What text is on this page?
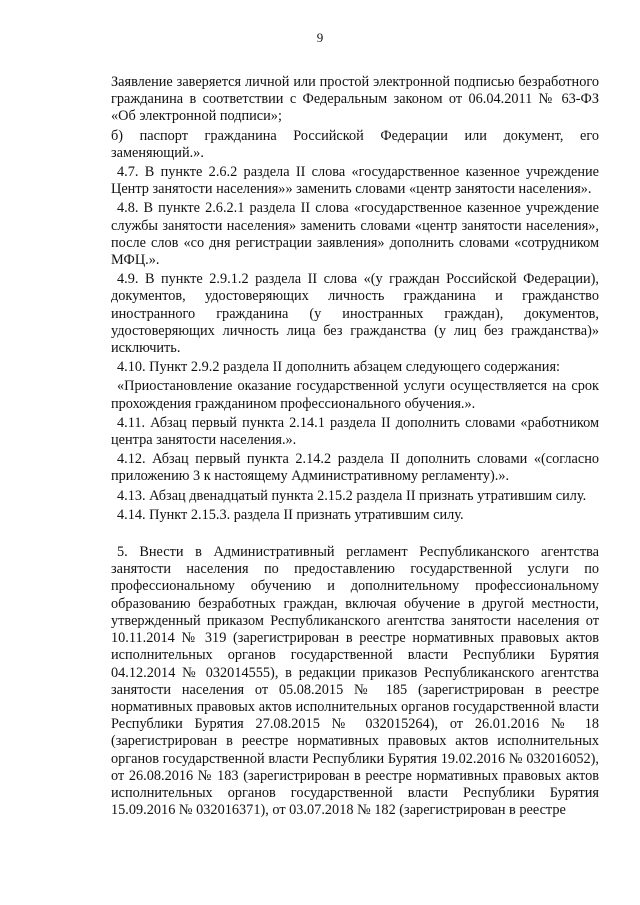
9

Заявление заверяется личной или простой электронной подписью безработного гражданина в соответствии с Федеральным законом от 06.04.2011 № 63-ФЗ «Об электронной подписи»;

б) паспорт гражданина Российской Федерации или документ, его заменяющий.».

4.7. В пункте 2.6.2 раздела II слова «государственное казенное учреждение Центр занятости населения»» заменить словами «центр занятости населения».

4.8. В пункте 2.6.2.1 раздела II слова «государственное казенное учреждение службы занятости населения» заменить словами «центр занятости населения», после слов «со дня регистрации заявления» дополнить словами «сотрудником МФЦ.».

4.9. В пункте 2.9.1.2 раздела II слова «(у граждан Российской Федерации), документов, удостоверяющих личность гражданина и гражданство иностранного гражданина (у иностранных граждан), документов, удостоверяющих личность лица без гражданства (у лиц без гражданства)» исключить.

4.10. Пункт 2.9.2 раздела II дополнить абзацем следующего содержания:

«Приостановление оказание государственной услуги осуществляется на срок прохождения гражданином профессионального обучения.».

4.11. Абзац первый пункта 2.14.1 раздела II дополнить словами «работником центра занятости населения.».

4.12. Абзац первый пункта 2.14.2 раздела II дополнить словами «(согласно приложению 3 к настоящему Административному регламенту).».

4.13. Абзац двенадцатый пункта 2.15.2 раздела II признать утратившим силу.

4.14. Пункт 2.15.3. раздела II признать утратившим силу.

5. Внести в Административный регламент Республиканского агентства занятости населения по предоставлению государственной услуги по профессиональному обучению и дополнительному профессиональному образованию безработных граждан, включая обучение в другой местности, утвержденный приказом Республиканского агентства занятости населения от 10.11.2014 № 319 (зарегистрирован в реестре нормативных правовых актов исполнительных органов государственной власти Республики Бурятия 04.12.2014 № 032014555), в редакции приказов Республиканского агентства занятости населения от 05.08.2015 № 185 (зарегистрирован в реестре нормативных правовых актов исполнительных органов государственной власти Республики Бурятия 27.08.2015 № 032015264), от 26.01.2016 № 18 (зарегистрирован в реестре нормативных правовых актов исполнительных органов государственной власти Республики Бурятия 19.02.2016 № 032016052), от 26.08.2016 № 183 (зарегистрирован в реестре нормативных правовых актов исполнительных органов государственной власти Республики Бурятия 15.09.2016 № 032016371), от 03.07.2018 № 182 (зарегистрирован в реестре
